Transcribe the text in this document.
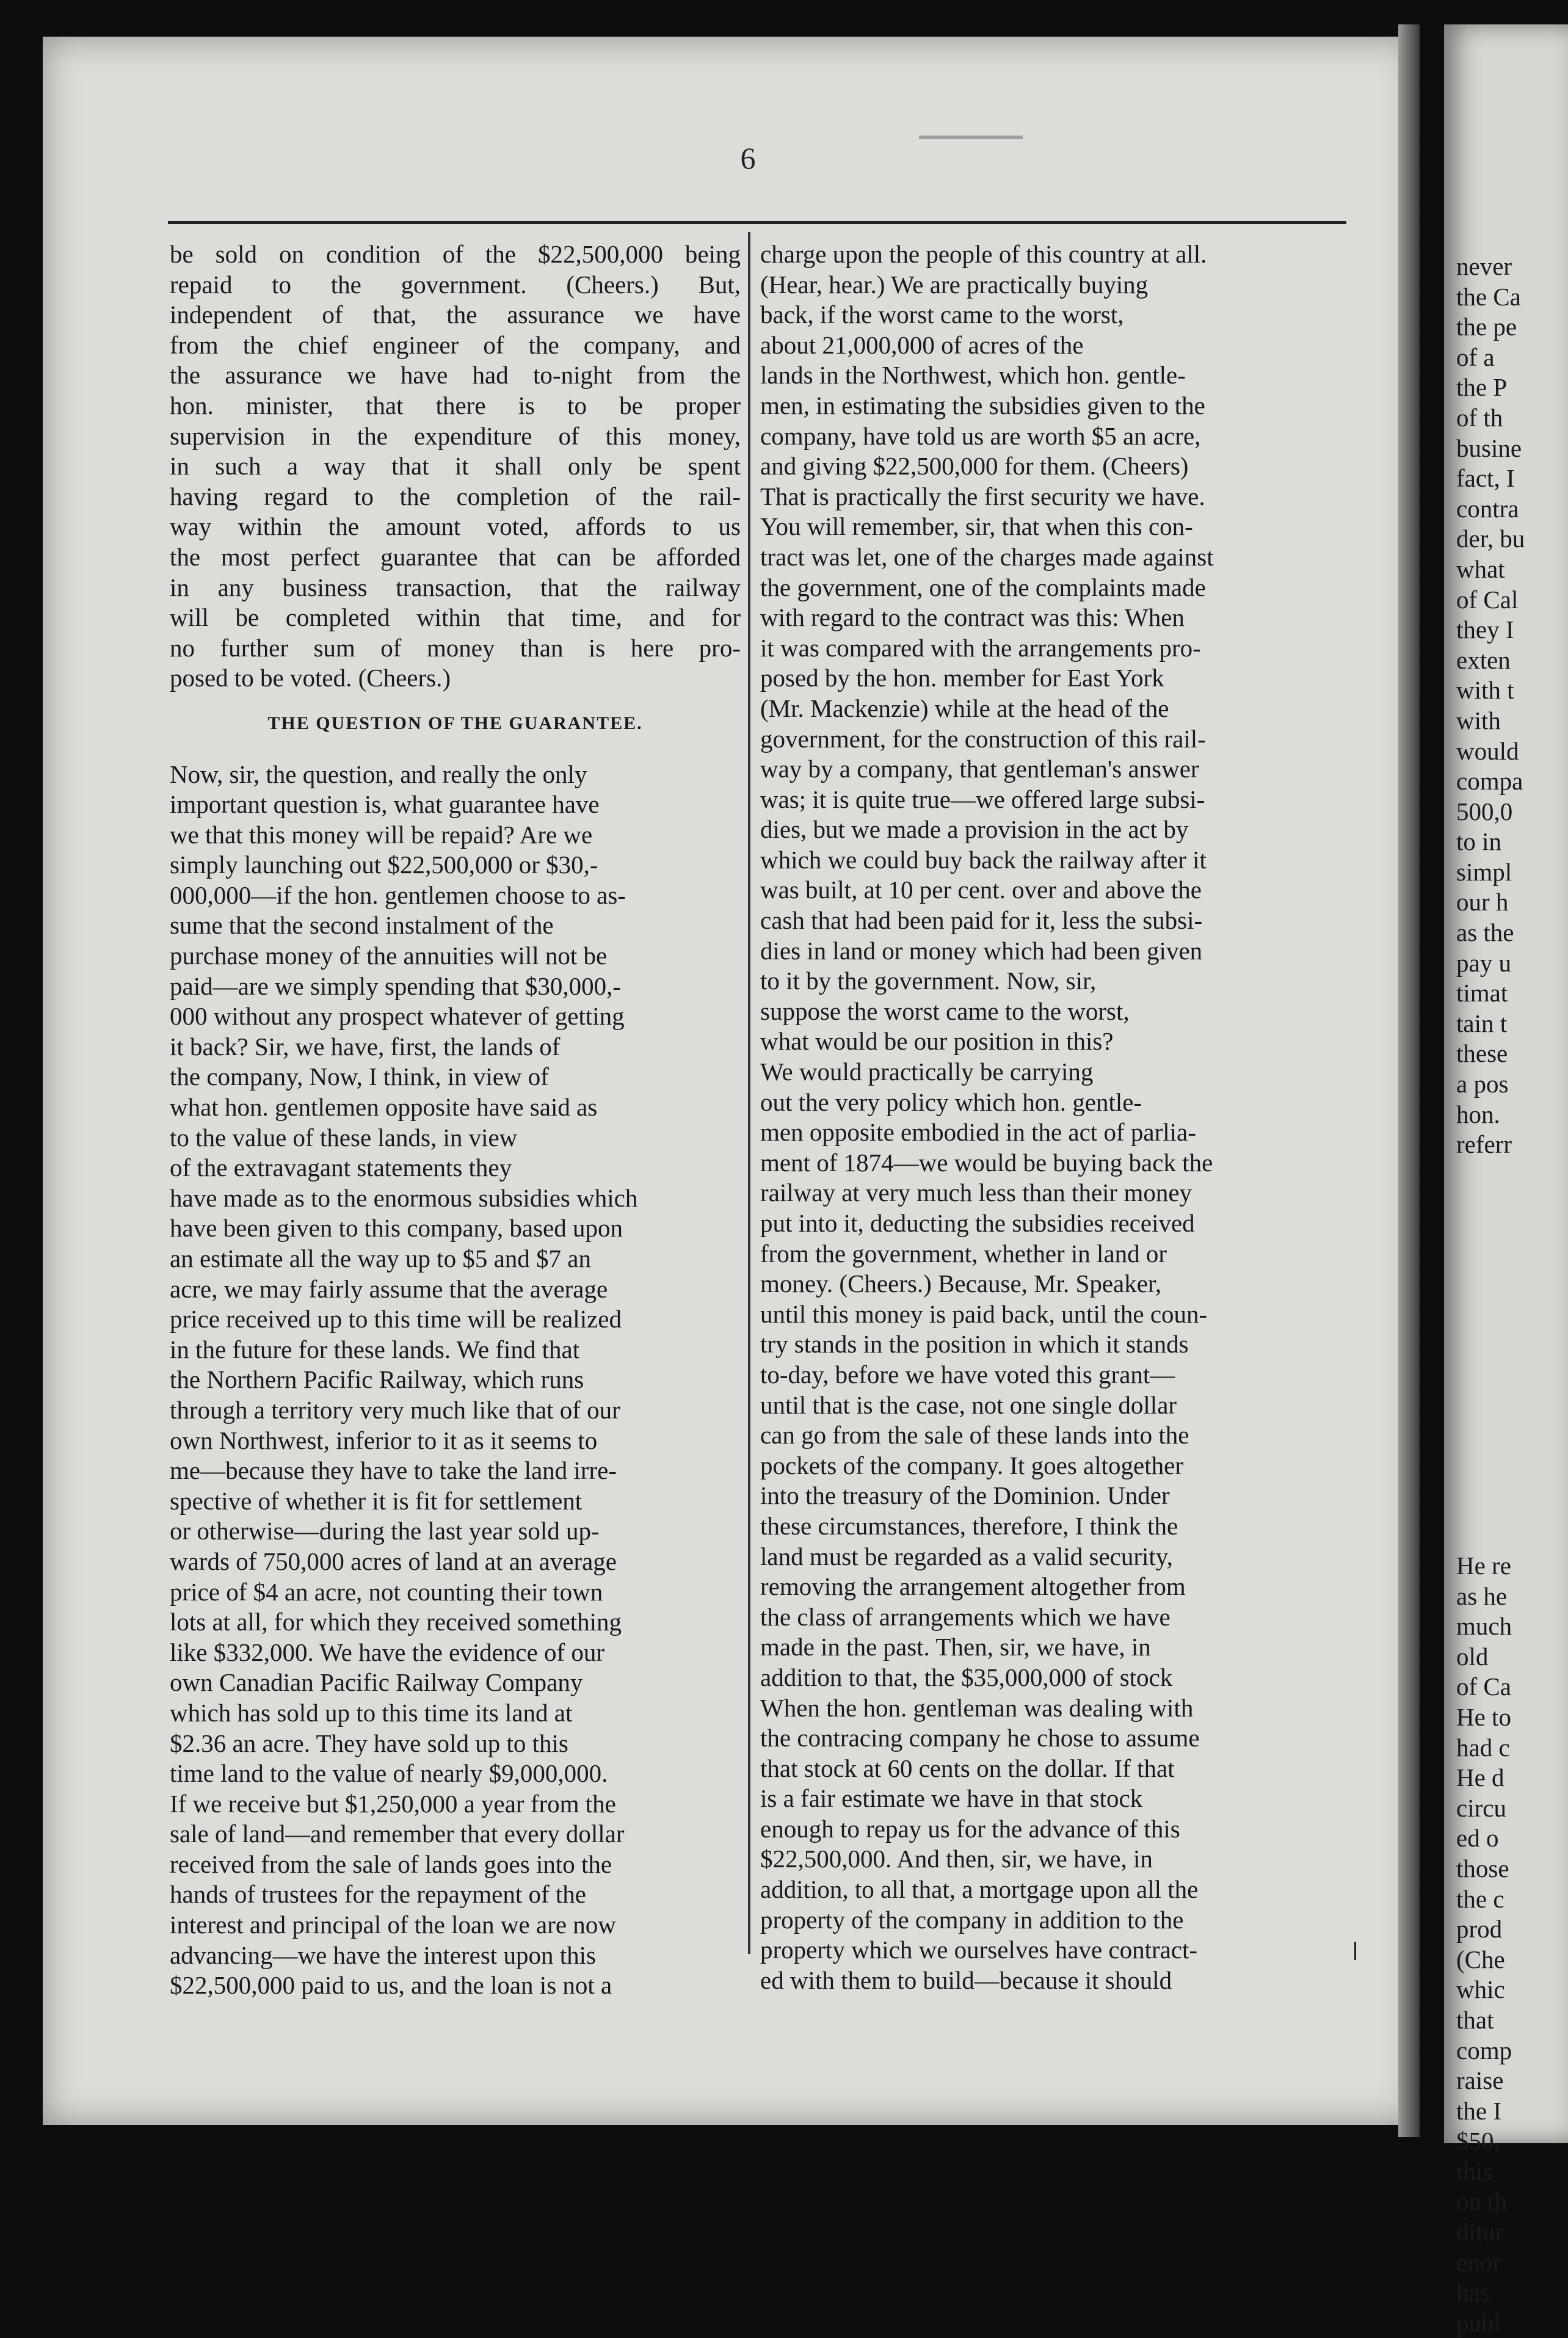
never
the Ca
the pe
of a
the P
of th
busine
fact, I
contra
der, bu
what
of Cal
they I
exten
with t
with
would
compa
500,0
to in
simpl
our h
as the
pay u
timat
tain t
these
a pos
hon.
referr
He re
as he
much
old
of Ca
He to
had c
He d
circu
ed o
those
the c
prod
(Che
whic
that
comp
raise
the I
$50,
this
on th
ditur
enor
has
publ
6
be sold on condition of the $22,500,000 being
repaid to the government. (Cheers.) But,
independent of that, the assurance we have
from the chief engineer of the company, and
the assurance we have had to-night from the
hon. minister, that there is to be proper
supervision in the expenditure of this money,
in such a way that it shall only be spent
having regard to the completion of the rail-
way within the amount voted, affords to us
the most perfect guarantee that can be afforded
in any business transaction, that the railway
will be completed within that time, and for
no further sum of money than is here pro-
posed to be voted. (Cheers.)
THE QUESTION OF THE GUARANTEE.
Now, sir, the question, and really the only
important question is, what guarantee have
we that this money will be repaid? Are we
simply launching out $22,500,000 or $30,-
000,000—if the hon. gentlemen choose to as-
sume that the second instalment of the
purchase money of the annuities will not be
paid—are we simply spending that $30,000,-
000 without any prospect whatever of getting
it back? Sir, we have, first, the lands of
the company, Now, I think, in view of
what hon. gentlemen opposite have said as
to the value of these lands, in view
of the extravagant statements they
have made as to the enormous subsidies which
have been given to this company, based upon
an estimate all the way up to $5 and $7 an
acre, we may fairly assume that the average
price received up to this time will be realized
in the future for these lands. We find that
the Northern Pacific Railway, which runs
through a territory very much like that of our
own Northwest, inferior to it as it seems to
me—because they have to take the land irre-
spective of whether it is fit for settlement
or otherwise—during the last year sold up-
wards of 750,000 acres of land at an average
price of $4 an acre, not counting their town
lots at all, for which they received something
like $332,000. We have the evidence of our
own Canadian Pacific Railway Company
which has sold up to this time its land at
$2.36 an acre. They have sold up to this
time land to the value of nearly $9,000,000.
If we receive but $1,250,000 a year from the
sale of land—and remember that every dollar
received from the sale of lands goes into the
hands of trustees for the repayment of the
interest and principal of the loan we are now
advancing—we have the interest upon this
$22,500,000 paid to us, and the loan is not a
charge upon the people of this country at all.
(Hear, hear.) We are practically buying
back, if the worst came to the worst,
about 21,000,000 of acres of the
lands in the Northwest, which hon. gentle-
men, in estimating the subsidies given to the
company, have told us are worth $5 an acre,
and giving $22,500,000 for them. (Cheers)
That is practically the first security we have.
You will remember, sir, that when this con-
tract was let, one of the charges made against
the government, one of the complaints made
with regard to the contract was this: When
it was compared with the arrangements pro-
posed by the hon. member for East York
(Mr. Mackenzie) while at the head of the
government, for the construction of this rail-
way by a company, that gentleman's answer
was; it is quite true—we offered large subsi-
dies, but we made a provision in the act by
which we could buy back the railway after it
was built, at 10 per cent. over and above the
cash that had been paid for it, less the subsi-
dies in land or money which had been given
to it by the government. Now, sir,
suppose the worst came to the worst,
what would be our position in this?
We would practically be carrying
out the very policy which hon. gentle-
men opposite embodied in the act of parlia-
ment of 1874—we would be buying back the
railway at very much less than their money
put into it, deducting the subsidies received
from the government, whether in land or
money. (Cheers.) Because, Mr. Speaker,
until this money is paid back, until the coun-
try stands in the position in which it stands
to-day, before we have voted this grant—
until that is the case, not one single dollar
can go from the sale of these lands into the
pockets of the company. It goes altogether
into the treasury of the Dominion. Under
these circumstances, therefore, I think the
land must be regarded as a valid security,
removing the arrangement altogether from
the class of arrangements which we have
made in the past. Then, sir, we have, in
addition to that, the $35,000,000 of stock
When the hon. gentleman was dealing with
the contracing company he chose to assume
that stock at 60 cents on the dollar. If that
is a fair estimate we have in that stock
enough to repay us for the advance of this
$22,500,000. And then, sir, we have, in
addition, to all that, a mortgage upon all the
property of the company in addition to the
property which we ourselves have contract-
ed with them to build—because it should
